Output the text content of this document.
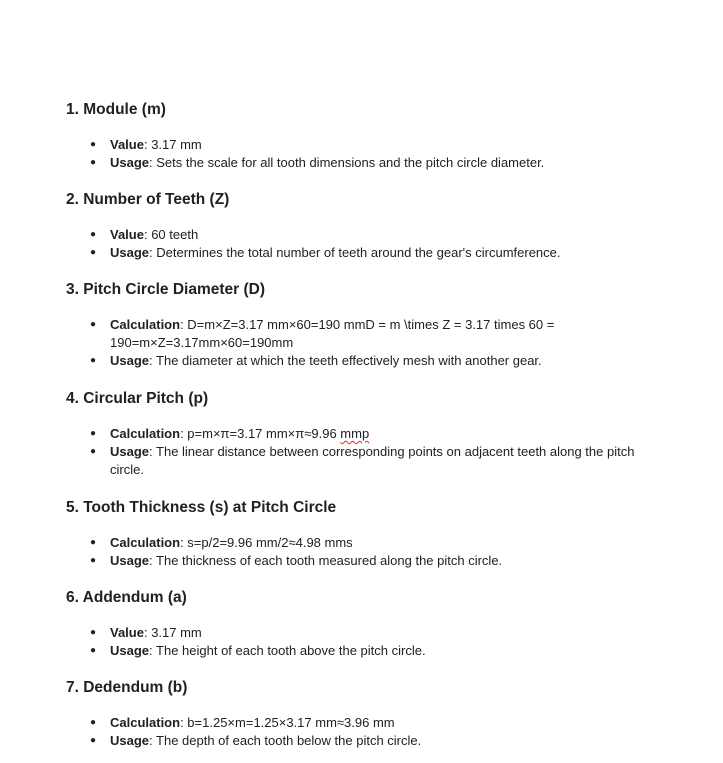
1. Module (m)
● Value: 3.17 mm
● Usage: Sets the scale for all tooth dimensions and the pitch circle diameter.
2. Number of Teeth (Z)
● Value: 60 teeth
● Usage: Determines the total number of teeth around the gear's circumference.
3. Pitch Circle Diameter (D)
● Calculation: D=m×Z=3.17 mm×60=190 mmD = m \times Z = 3.17 times 60 = 190=m×Z=3.17mm×60=190mm
● Usage: The diameter at which the teeth effectively mesh with another gear.
4. Circular Pitch (p)
● Calculation: p=m×π=3.17 mm×π≈9.96 mmp
● Usage: The linear distance between corresponding points on adjacent teeth along the pitch circle.
5. Tooth Thickness (s) at Pitch Circle
● Calculation: s=p/2=9.96 mm/2≈4.98 mms
● Usage: The thickness of each tooth measured along the pitch circle.
6. Addendum (a)
● Value: 3.17 mm
● Usage: The height of each tooth above the pitch circle.
7. Dedendum (b)
● Calculation: b=1.25×m=1.25×3.17 mm≈3.96 mm
● Usage: The depth of each tooth below the pitch circle.
